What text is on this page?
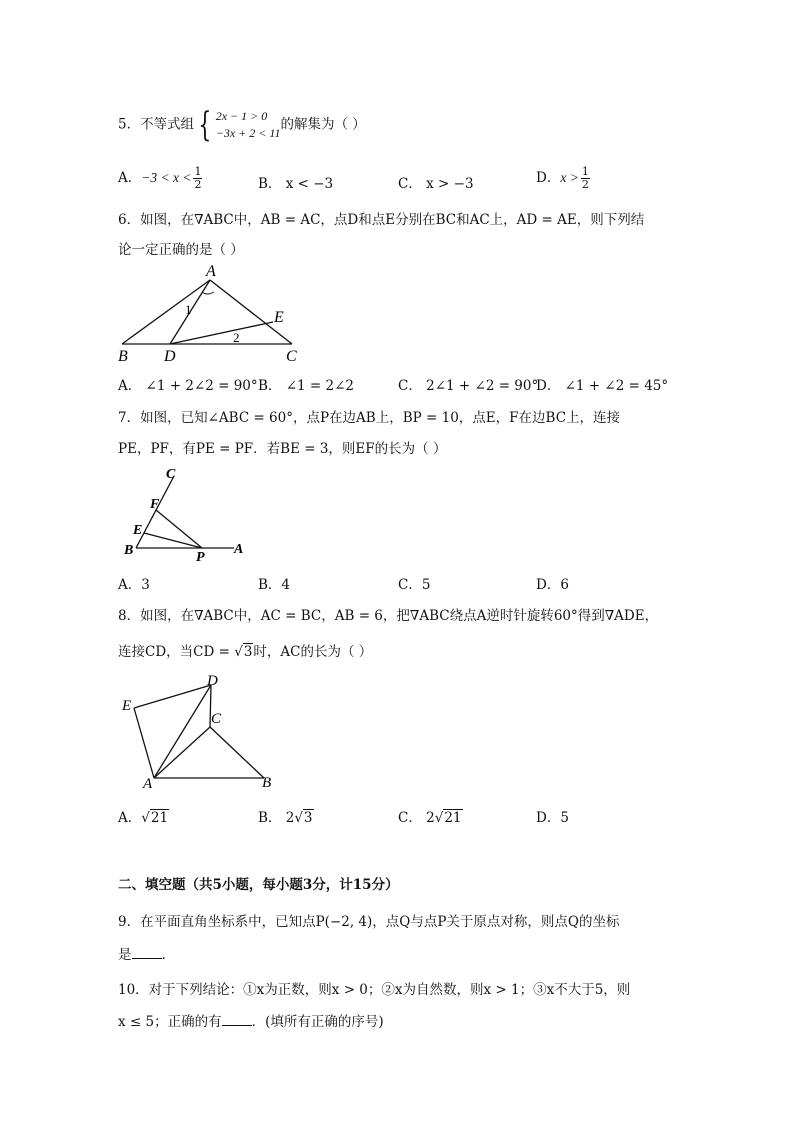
5．不等式组 { 2x − 1 > 0
−3x + 2 < 11的解集为（ ）
A．$-3 < x < \frac{1}{2}$	B． x < −3	C． x > −3	D．$x > \frac{1}{2}$
6．如图，在∇ABC中，AB = AC，点D和点E分别在BC和AC上，AD = AE，则下列结
论一定正确的是（ ）
A
B	C
D
E
1
2
A． ∠1 + 2∠2 = 90° B． ∠1 = 2∠2	C． 2∠1 + ∠2 = 90°
D． ∠1 + ∠2 = 45°
7．如图，已知∠ABC = 60°，点P在边AB上，BP = 10，点E，F在边BC上，连接
PE，PF，有PE = PF．若BE = 3，则EF的长为（ ）
C
F
E
B	P
A
A．3	B．4	C．5	D．6
8．如图，在∇ABC中，AC = BC，AB = 6，把∇ABC绕点A逆时针旋转60°得到∇ADE，
连接CD，当CD = √3时，AC的长为（ ）
D
E
C
A	B
A．√21	B． 2√3	C． 2√21	D．5
二、填空题（共5小题，每小题3分，计15分）
9．在平面直角坐标系中，已知点P(−2, 4)，点Q与点P关于原点对称，则点Q的坐标
是 ．
10．对于下列结论：①x为正数，则x > 0；②x为自然数，则x > 1；③x不大于5，则
x ≤ 5；正确的有 ．(填所有正确的序号)
